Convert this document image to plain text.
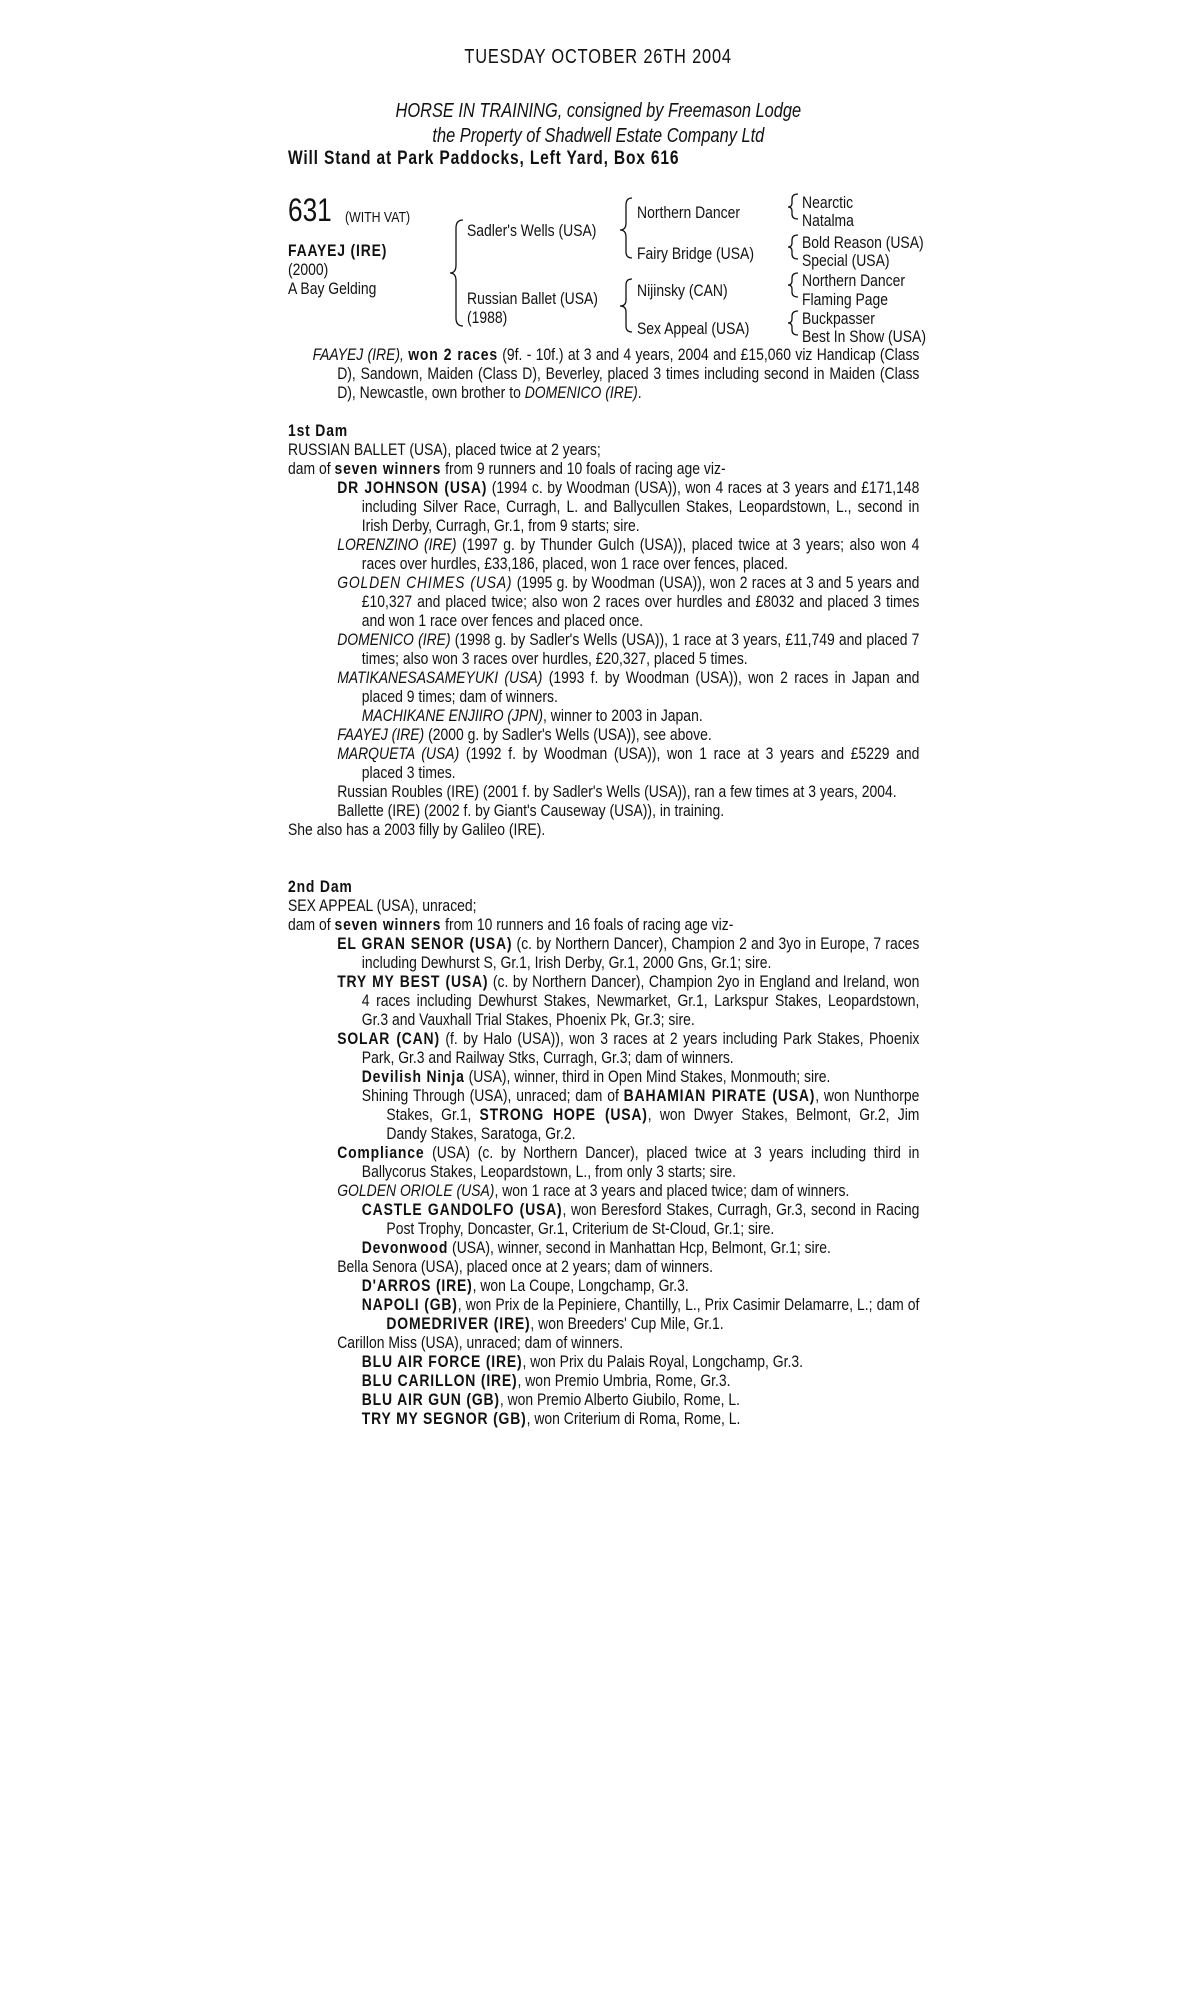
TUESDAY OCTOBER 26TH 2004
HORSE IN TRAINING, consigned by Freemason Lodge
the Property of Shadwell Estate Company Ltd
Will Stand at Park Paddocks, Left Yard, Box 616
631 (WITH VAT)
FAAYEJ (IRE)
(2000)
A Bay Gelding
Sadler's Wells (USA)
Russian Ballet (USA)
(1988)
Northern Dancer
Fairy Bridge (USA)
Nijinsky (CAN)
Sex Appeal (USA)
Nearctic
Natalma
Bold Reason (USA)
Special (USA)
Northern Dancer
Flaming Page
Buckpasser
Best In Show (USA)

FAAYEJ (IRE), won 2 races (9f. - 10f.) at 3 and 4 years, 2004 and £15,060 viz Handicap (Class D), Sandown, Maiden (Class D), Beverley, placed 3 times including second in Maiden (Class D), Newcastle, own brother to DOMENICO (IRE).

1st Dam

RUSSIAN BALLET (USA), placed twice at 2 years;

dam of seven winners from 9 runners and 10 foals of racing age viz-

DR JOHNSON (USA) (1994 c. by Woodman (USA)), won 4 races at 3 years and £171,148 including Silver Race, Curragh, L. and Ballycullen Stakes, Leopardstown, L., second in Irish Derby, Curragh, Gr.1, from 9 starts; sire.

LORENZINO (IRE) (1997 g. by Thunder Gulch (USA)), placed twice at 3 years; also won 4 races over hurdles, £33,186, placed, won 1 race over fences, placed.

GOLDEN CHIMES (USA) (1995 g. by Woodman (USA)), won 2 races at 3 and 5 years and £10,327 and placed twice; also won 2 races over hurdles and £8032 and placed 3 times and won 1 race over fences and placed once.

DOMENICO (IRE) (1998 g. by Sadler's Wells (USA)), 1 race at 3 years, £11,749 and placed 7 times; also won 3 races over hurdles, £20,327, placed 5 times.

MATIKANESASAMEYUKI (USA) (1993 f. by Woodman (USA)), won 2 races in Japan and placed 9 times; dam of winners.

MACHIKANE ENJIIRO (JPN), winner to 2003 in Japan.

FAAYEJ (IRE) (2000 g. by Sadler's Wells (USA)), see above.

MARQUETA (USA) (1992 f. by Woodman (USA)), won 1 race at 3 years and £5229 and placed 3 times.

Russian Roubles (IRE) (2001 f. by Sadler's Wells (USA)), ran a few times at 3 years, 2004.

Ballette (IRE) (2002 f. by Giant's Causeway (USA)), in training.

She also has a 2003 filly by Galileo (IRE).

2nd Dam

SEX APPEAL (USA), unraced;

dam of seven winners from 10 runners and 16 foals of racing age viz-

EL GRAN SENOR (USA) (c. by Northern Dancer), Champion 2 and 3yo in Europe, 7 races including Dewhurst S, Gr.1, Irish Derby, Gr.1, 2000 Gns, Gr.1; sire.

TRY MY BEST (USA) (c. by Northern Dancer), Champion 2yo in England and Ireland, won 4 races including Dewhurst Stakes, Newmarket, Gr.1, Larkspur Stakes, Leopardstown, Gr.3 and Vauxhall Trial Stakes, Phoenix Pk, Gr.3; sire.

SOLAR (CAN) (f. by Halo (USA)), won 3 races at 2 years including Park Stakes, Phoenix Park, Gr.3 and Railway Stks, Curragh, Gr.3; dam of winners.

Devilish Ninja (USA), winner, third in Open Mind Stakes, Monmouth; sire.

Shining Through (USA), unraced; dam of BAHAMIAN PIRATE (USA), won Nunthorpe Stakes, Gr.1, STRONG HOPE (USA), won Dwyer Stakes, Belmont, Gr.2, Jim Dandy Stakes, Saratoga, Gr.2.

Compliance (USA) (c. by Northern Dancer), placed twice at 3 years including third in Ballycorus Stakes, Leopardstown, L., from only 3 starts; sire.

GOLDEN ORIOLE (USA), won 1 race at 3 years and placed twice; dam of winners.

CASTLE GANDOLFO (USA), won Beresford Stakes, Curragh, Gr.3, second in Racing Post Trophy, Doncaster, Gr.1, Criterium de St-Cloud, Gr.1; sire.

Devonwood (USA), winner, second in Manhattan Hcp, Belmont, Gr.1; sire.

Bella Senora (USA), placed once at 2 years; dam of winners.

D'ARROS (IRE), won La Coupe, Longchamp, Gr.3.

NAPOLI (GB), won Prix de la Pepiniere, Chantilly, L., Prix Casimir Delamarre, L.; dam of DOMEDRIVER (IRE), won Breeders' Cup Mile, Gr.1.

Carillon Miss (USA), unraced; dam of winners.

BLU AIR FORCE (IRE), won Prix du Palais Royal, Longchamp, Gr.3.

BLU CARILLON (IRE), won Premio Umbria, Rome, Gr.3.

BLU AIR GUN (GB), won Premio Alberto Giubilo, Rome, L.

TRY MY SEGNOR (GB), won Criterium di Roma, Rome, L.
